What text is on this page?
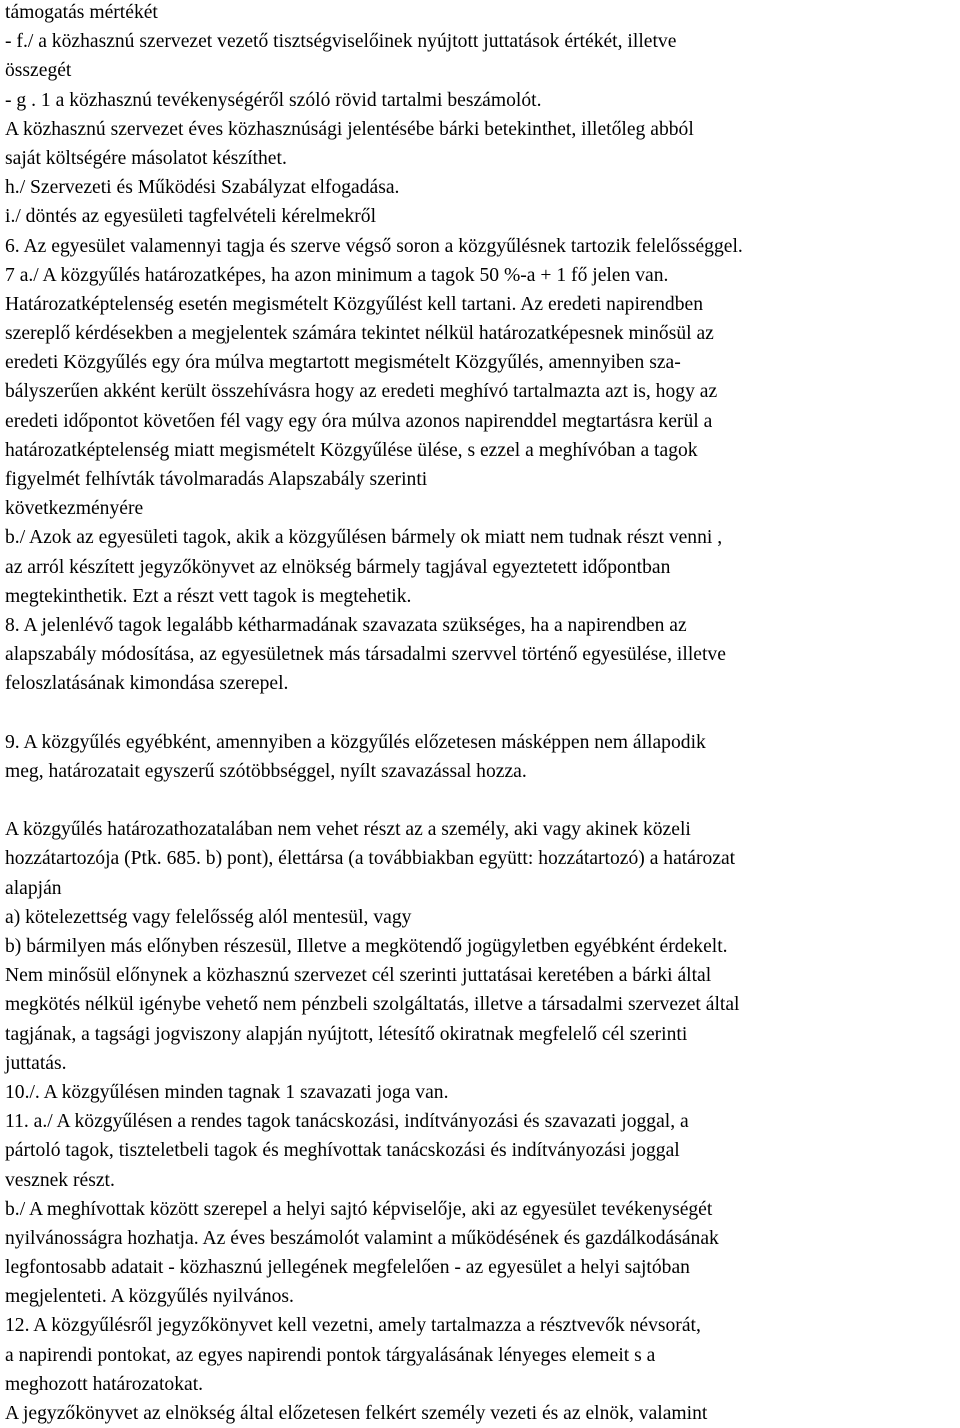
támogatás mértékét
- f./ a közhasznú szervezet vezető tisztségviselőinek nyújtott juttatások értékét, illetve
összegét
- g . 1 a közhasznú tevékenységéről szóló rövid tartalmi beszámolót.
A közhasznú szervezet éves közhasznúsági jelentésébe bárki betekinthet, illetőleg abból
saját költségére másolatot készíthet.
h./ Szervezeti és Működési Szabályzat elfogadása.
i./ döntés az egyesületi tagfelvételi kérelmekről
6. Az egyesület valamennyi tagja és szerve végső soron a közgyűlésnek tartozik felelősséggel.
7 a./ A közgyűlés határozatképes, ha azon minimum a tagok 50 %-a + 1 fő jelen van.
Határozatképtelenség esetén megismételt Közgyűlést kell tartani. Az eredeti napirendben
szereplő kérdésekben a megjelentek számára tekintet nélkül határozatképesnek minősül az
eredeti Közgyűlés egy óra múlva megtartott megismételt Közgyűlés, amennyiben sza-
bályszerűen akként került összehívásra hogy az eredeti meghívó tartalmazta azt is, hogy az
eredeti időpontot követően fél vagy egy óra múlva azonos napirenddel megtartásra kerül a
határozatképtelenség miatt megismételt Közgyűlése ülése, s ezzel a meghívóban a tagok
figyelmét felhívták távolmaradás Alapszabály szerinti
következményére
b./ Azok az egyesületi tagok, akik a közgyűlésen bármely ok miatt nem tudnak részt venni ,
az arról készített jegyzőkönyvet az elnökség bármely tagjával egyeztetett időpontban
megtekinthetik. Ezt a részt vett tagok is megtehetik.
8. A jelenlévő tagok legalább kétharmadának szavazata szükséges, ha a napirendben az
alapszabály módosítása, az egyesületnek más társadalmi szervvel történő egyesülése, illetve
feloszlatásának kimondása szerepel.
9. A közgyűlés egyébként, amennyiben a közgyűlés előzetesen másképpen nem állapodik
meg, határozatait egyszerű szótöbbséggel, nyílt szavazással hozza.
A közgyűlés határozathozatalában nem vehet részt az a személy, aki vagy akinek közeli
hozzátartozója (Ptk. 685. b) pont), élettársa (a továbbiakban együtt: hozzátartozó) a határozat
alapján
a) kötelezettség vagy felelősség alól mentesül, vagy
b) bármilyen más előnyben részesül, Illetve a megkötendő jogügyletben egyébként érdekelt.
Nem minősül előnynek a közhasznú szervezet cél szerinti juttatásai keretében a bárki által
megkötés nélkül igénybe vehető nem pénzbeli szolgáltatás, illetve a társadalmi szervezet által
tagjának, a tagsági jogviszony alapján nyújtott, létesítő okiratnak megfelelő cél szerinti
juttatás.
10./. A közgyűlésen minden tagnak 1 szavazati joga van.
11. a./ A közgyűlésen a rendes tagok tanácskozási, indítványozási és szavazati joggal, a
pártoló tagok, tiszteletbeli tagok és meghívottak tanácskozási és indítványozási joggal
vesznek részt.
b./ A meghívottak között szerepel a helyi sajtó képviselője, aki az egyesület tevékenységét
nyilvánosságra hozhatja. Az éves beszámolót valamint a működésének és gazdálkodásának
legfontosabb adatait - közhasznú jellegének megfelelően - az egyesület a helyi sajtóban
megjelenteti. A közgyűlés nyilvános.
12. A közgyűlésről jegyzőkönyvet kell vezetni, amely tartalmazza a résztvevők névsorát,
a napirendi pontokat, az egyes napirendi pontok tárgyalásának lényeges elemeit s a
meghozott határozatokat.
A jegyzőkönyvet az elnökség által előzetesen felkért személy vezeti és az elnök, valamint
